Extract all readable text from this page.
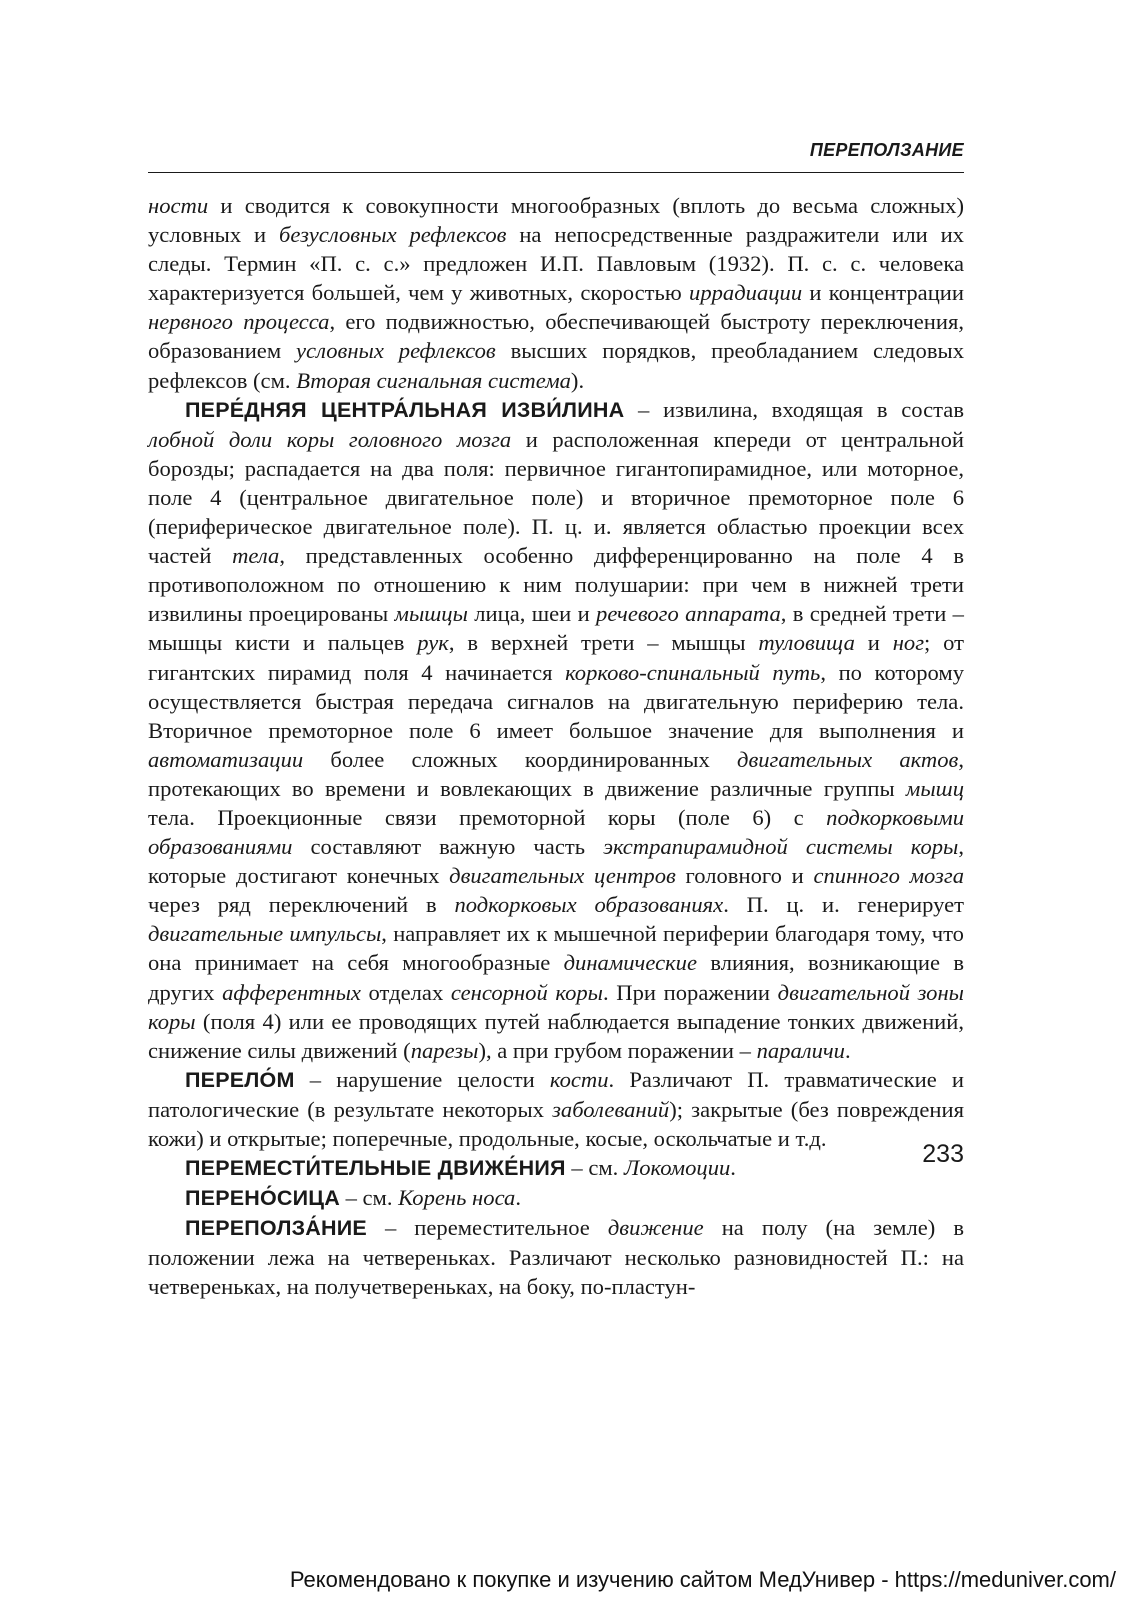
ПЕРЕПОЛЗАНИЕ

ности и сводится к совокупности многообразных (вплоть до весьма сложных) условных и безусловных рефлексов на непосредственные раздражители или их следы. Термин «П. с. с.» предложен И.П. Павловым (1932). П. с. с. человека характеризуется большей, чем у животных, скоростью иррадиации и концентрации нервного процесса, его подвижностью, обеспечивающей быстроту переключения, образованием условных рефлексов высших порядков, преобладанием следовых рефлексов (см. Вторая сигнальная система).

ПЕРЕ́ДНЯЯ ЦЕНТРА́ЛЬНАЯ ИЗВИ́ЛИНА – извилина, входящая в состав лобной доли коры головного мозга и расположенная кпереди от центральной борозды; распадается на два поля: первичное гигантопирамидное, или моторное, поле 4 (центральное двигательное поле) и вторичное премоторное поле 6 (периферическое двигательное поле). П. ц. и. является областью проекции всех частей тела, представленных особенно дифференцированно на поле 4 в противоположном по отношению к ним полушарии: при чем в нижней трети извилины проецированы мышцы лица, шеи и речевого аппарата, в средней трети – мышцы кисти и пальцев рук, в верхней трети – мышцы туловища и ног; от гигантских пирамид поля 4 начинается корково-спинальный путь, по которому осуществляется быстрая передача сигналов на двигательную периферию тела. Вторичное премоторное поле 6 имеет большое значение для выполнения и автоматизации более сложных координированных двигательных актов, протекающих во времени и вовлекающих в движение различные группы мышц тела. Проекционные связи премоторной коры (поле 6) с подкорковыми образованиями составляют важную часть экстрапирамидной системы коры, которые достигают конечных двигательных центров головного и спинного мозга через ряд переключений в подкорковых образованиях. П. ц. и. генерирует двигательные импульсы, направляет их к мышечной периферии благодаря тому, что она принимает на себя многообразные динамические влияния, возникающие в других афферентных отделах сенсорной коры. При поражении двигательной зоны коры (поля 4) или ее проводящих путей наблюдается выпадение тонких движений, снижение силы движений (парезы), а при грубом поражении – параличи.

ПЕРЕЛО́М – нарушение целости кости. Различают П. травматические и патологические (в результате некоторых заболеваний); закрытые (без повреждения кожи) и открытые; поперечные, продольные, косые, оскольчатые и т.д.

ПЕРЕМЕСТИ́ТЕЛЬНЫЕ ДВИЖЕ́НИЯ – см. Локомоции.

ПЕРЕНО́СИЦА – см. Корень носа.

ПЕРЕПОЛЗА́НИЕ – переместительное движение на полу (на земле) в положении лежа на четвереньках. Различают несколько разновидностей П.: на четвереньках, на получетвереньках, на боку, по-пластун-

233
Рекомендовано к покупке и изучению сайтом МедУнивер - https://meduniver.com/
